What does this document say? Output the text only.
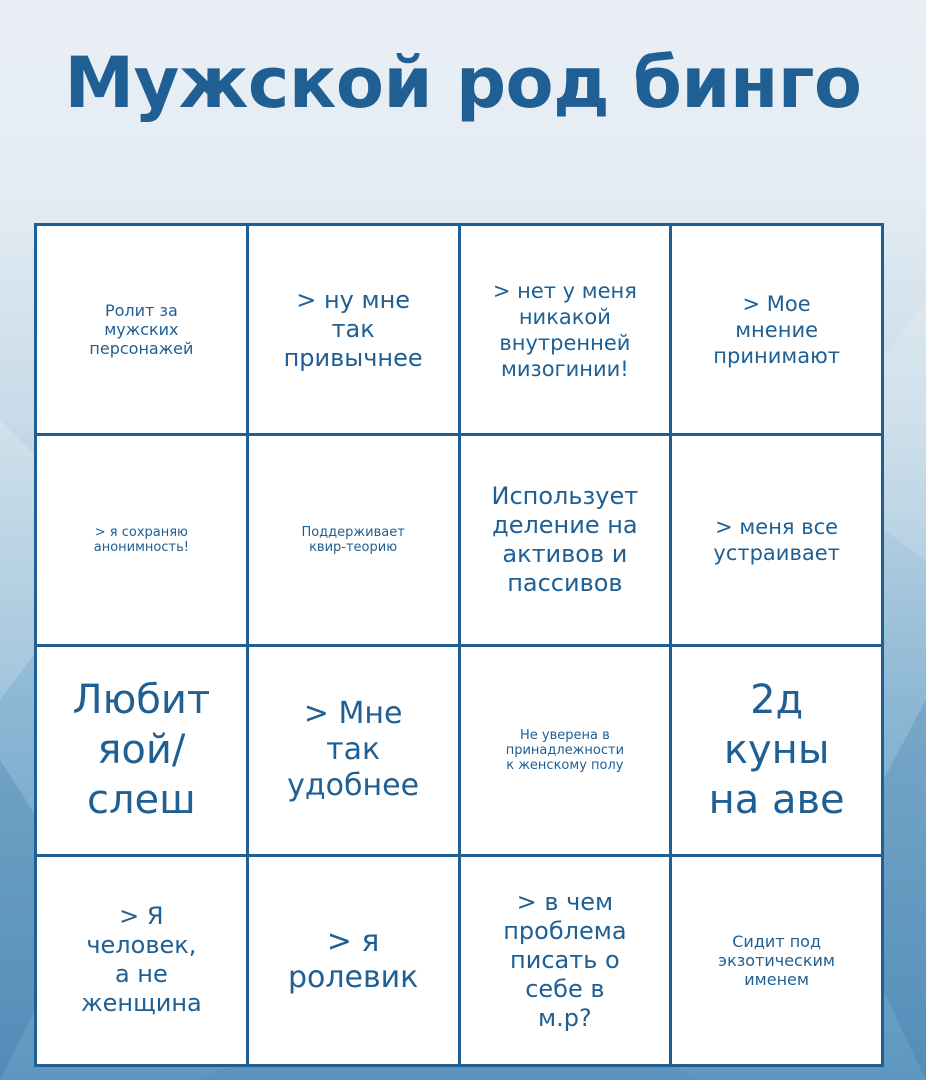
Мужской род бинго
Ролит за
мужских
персонажей
> ну мне
так
привычнее
> нет у меня
никакой
внутренней
мизогинии!
> Мое
мнение
принимают
> я сохраняю
анонимность!
Поддерживает
квир-теорию
Использует
деление на
активов и
пассивов
> меня все
устраивает
Любит
яой/
слеш
> Мне
так
удобнее
Не уверена в
принадлежности
к женскому полу
2д
куны
на аве
> Я
человек,
а не
женщина
> я
ролевик
> в чем
проблема
писать о
себе в
м.р?
Сидит под
экзотическим
именем
